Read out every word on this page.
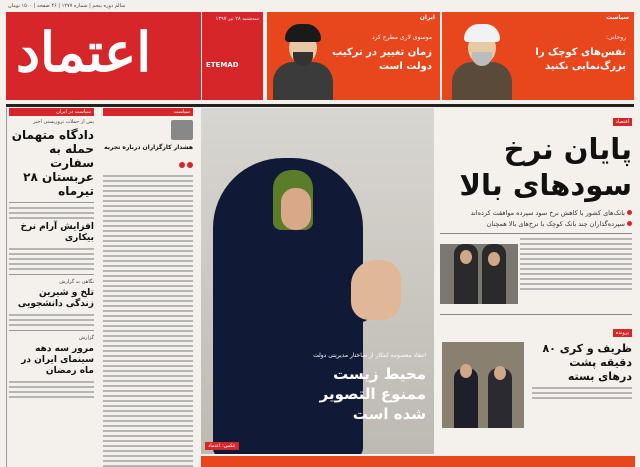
سالم دوره پنجم | شماره ۱۲۷۷ | ۴۶ صفحه | ۱۵۰۰ تومان
اعتماد
سه‌شنبه ۲۸ تیر ۱۳۹۷
ETEMAD
ایران
موسوی لاری مطرح کرد
زمان تغییر در ترکیب دولت است
سیاست
روحانی:
نفس‌های کوچک را بزرگ‌نمایی نکنید
سیاست در ایران
پس از حملات تروریستی اخیر
دادگاه متهمان حمله به سفارت عربستان ۲۸ تیرماه
افزایش آرام نرخ بیکاری
نگاهی به گزارش
تلخ و شیرین زندگی دانشجویی
گزارش
مرور سه دهه سینمای ایران در ماه رمضان
سیاست
هشدار کارگزاران درباره تجربه
انتقاد معصومه ابتکار از ساختار مدیریتی دولت
محیط زیست ممنوع التصویر شده است
عکس: اعتماد
اقتصاد
پایان نرخ سودهای بالا
بانک‌های کشور با کاهش نرخ سود سپرده موافقت کرده‌اند
سپرده‌گذاران چند بانک کوچک با نرخ‌های بالا همچنان
پرونده
ظریف و کری ۸۰ دقیقه پشت درهای بسته
